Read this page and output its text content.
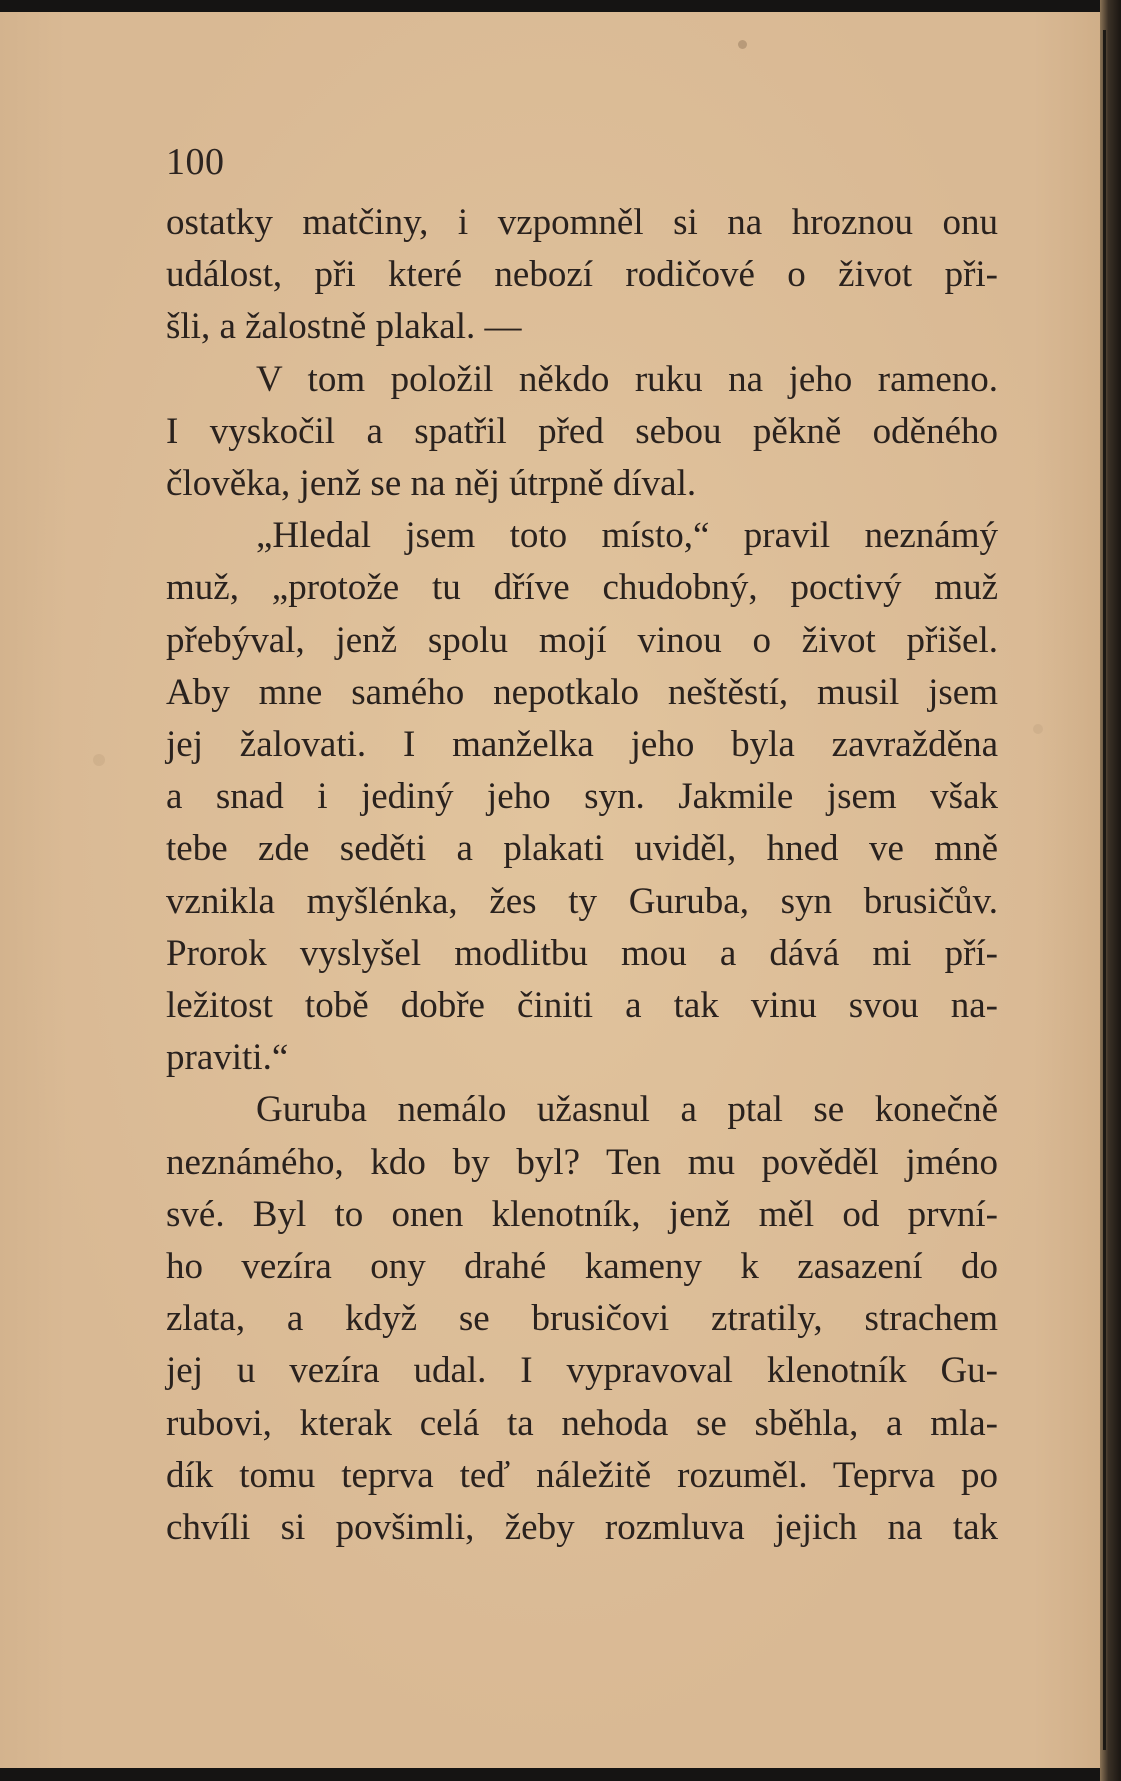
100
ostatky matčiny, i vzpomněl si na hroznou onu
událost, při které nebozí rodičové o život při-
šli, a žalostně plakal. —
V tom položil někdo ruku na jeho rameno.
I vyskočil a spatřil před sebou pěkně oděného
člověka, jenž se na něj útrpně díval.
„Hledal jsem toto místo,“ pravil neznámý
muž, „protože tu dříve chudobný, poctivý muž
přebýval, jenž spolu mojí vinou o život přišel.
Aby mne samého nepotkalo neštěstí, musil jsem
jej žalovati. I manželka jeho byla zavražděna
a snad i jediný jeho syn. Jakmile jsem však
tebe zde seděti a plakati uviděl, hned ve mně
vznikla myšlénka, žes ty Guruba, syn brusičův.
Prorok vyslyšel modlitbu mou a dává mi pří-
ležitost tobě dobře činiti a tak vinu svou na-
praviti.“
Guruba nemálo užasnul a ptal se konečně
neznámého, kdo by byl? Ten mu pověděl jméno
své. Byl to onen klenotník, jenž měl od první-
ho vezíra ony drahé kameny k zasazení do
zlata, a když se brusičovi ztratily, strachem
jej u vezíra udal. I vypravoval klenotník Gu-
rubovi, kterak celá ta nehoda se sběhla, a mla-
dík tomu teprva teď náležitě rozuměl. Teprva po
chvíli si povšimli, žeby rozmluva jejich na tak
